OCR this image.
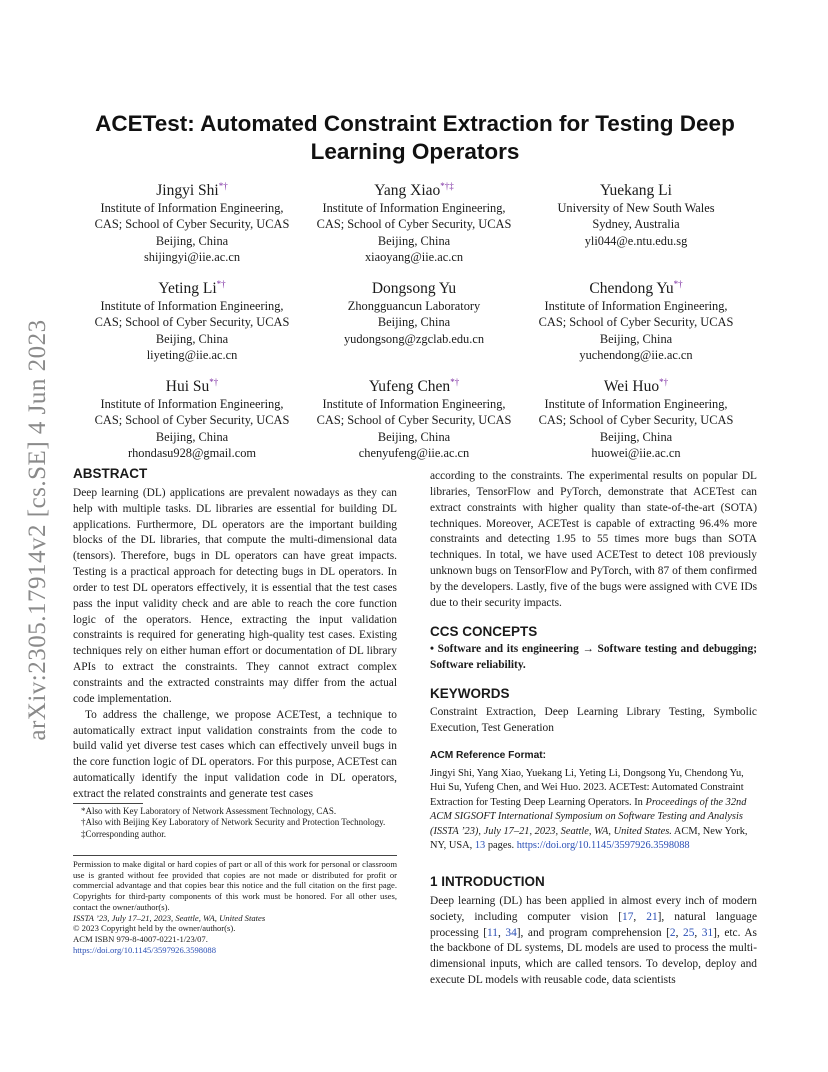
arXiv:2305.17914v2 [cs.SE] 4 Jun 2023
ACETest: Automated Constraint Extraction for Testing Deep Learning Operators
Jingyi Shi*†
Institute of Information Engineering,
CAS; School of Cyber Security, UCAS
Beijing, China
shijingyi@iie.ac.cn
Yang Xiao*†‡
Institute of Information Engineering,
CAS; School of Cyber Security, UCAS
Beijing, China
xiaoyang@iie.ac.cn
Yuekang Li
University of New South Wales
Sydney, Australia
yli044@e.ntu.edu.sg
Yeting Li*†
Institute of Information Engineering,
CAS; School of Cyber Security, UCAS
Beijing, China
liyeting@iie.ac.cn
Dongsong Yu
Zhongguancun Laboratory
Beijing, China
yudongsong@zgclab.edu.cn
Chendong Yu*†
Institute of Information Engineering,
CAS; School of Cyber Security, UCAS
Beijing, China
yuchendong@iie.ac.cn
Hui Su*†
Institute of Information Engineering,
CAS; School of Cyber Security, UCAS
Beijing, China
rhondasu928@gmail.com
Yufeng Chen*†
Institute of Information Engineering,
CAS; School of Cyber Security, UCAS
Beijing, China
chenyufeng@iie.ac.cn
Wei Huo*†
Institute of Information Engineering,
CAS; School of Cyber Security, UCAS
Beijing, China
huowei@iie.ac.cn

ABSTRACT

Deep learning (DL) applications are prevalent nowadays as they can help with multiple tasks. DL libraries are essential for building DL applications. Furthermore, DL operators are the important building blocks of the DL libraries, that compute the multi-dimensional data (tensors). Therefore, bugs in DL operators can have great impacts. Testing is a practical approach for detecting bugs in DL operators. In order to test DL operators effectively, it is essential that the test cases pass the input validity check and are able to reach the core function logic of the operators. Hence, extracting the input validation constraints is required for generating high-quality test cases. Existing techniques rely on either human effort or documentation of DL library APIs to extract the constraints. They cannot extract complex constraints and the extracted constraints may differ from the actual code implementation.

To address the challenge, we propose ACETest, a technique to automatically extract input validation constraints from the code to build valid yet diverse test cases which can effectively unveil bugs in the core function logic of DL operators. For this purpose, ACETest can automatically identify the input validation code in DL operators, extract the related constraints and generate test cases

*Also with Key Laboratory of Network Assessment Technology, CAS.
†Also with Beijing Key Laboratory of Network Security and Protection Technology.
‡Corresponding author.
Permission to make digital or hard copies of part or all of this work for personal or classroom use is granted without fee provided that copies are not made or distributed for profit or commercial advantage and that copies bear this notice and the full citation on the first page. Copyrights for third-party components of this work must be honored. For all other uses, contact the owner/author(s).
ISSTA ’23, July 17–21, 2023, Seattle, WA, United States
© 2023 Copyright held by the owner/author(s).
ACM ISBN 979-8-4007-0221-1/23/07.
https://doi.org/10.1145/3597926.3598088

according to the constraints. The experimental results on popular DL libraries, TensorFlow and PyTorch, demonstrate that ACETest can extract constraints with higher quality than state-of-the-art (SOTA) techniques. Moreover, ACETest is capable of extracting 96.4% more constraints and detecting 1.95 to 55 times more bugs than SOTA techniques. In total, we have used ACETest to detect 108 previously unknown bugs on TensorFlow and PyTorch, with 87 of them confirmed by the developers. Lastly, five of the bugs were assigned with CVE IDs due to their security impacts.

CCS CONCEPTS

• Software and its engineering → Software testing and debugging; Software reliability.

KEYWORDS

Constraint Extraction, Deep Learning Library Testing, Symbolic Execution, Test Generation

ACM Reference Format:

Jingyi Shi, Yang Xiao, Yuekang Li, Yeting Li, Dongsong Yu, Chendong Yu, Hui Su, Yufeng Chen, and Wei Huo. 2023. ACETest: Automated Constraint Extraction for Testing Deep Learning Operators. In Proceedings of the 32nd ACM SIGSOFT International Symposium on Software Testing and Analysis (ISSTA ’23), July 17–21, 2023, Seattle, WA, United States. ACM, New York, NY, USA, 13 pages. https://doi.org/10.1145/3597926.3598088

1 INTRODUCTION

Deep learning (DL) has been applied in almost every inch of modern society, including computer vision [17, 21], natural language processing [11, 34], and program comprehension [2, 25, 31], etc. As the backbone of DL systems, DL models are used to process the multi-dimensional inputs, which are called tensors. To develop, deploy and execute DL models with reusable code, data scientists
